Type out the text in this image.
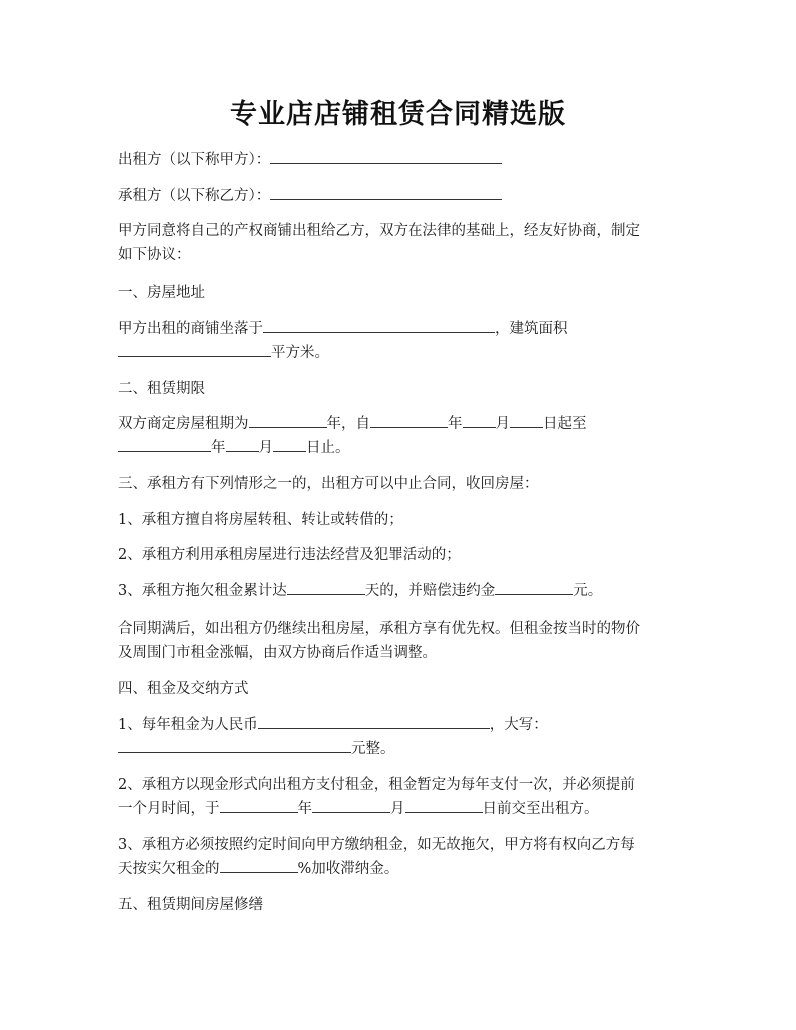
专业店店铺租赁合同精选版
出租方（以下称甲方）：
承租方（以下称乙方）：
甲方同意将自己的产权商铺出租给乙方，双方在法律的基础上，经友好协商，制定
如下协议：
一、房屋地址
甲方出租的商铺坐落于	，建筑面积
平方米。
二、租赁期限
双方商定房屋租期为	年，自	年 月 日起至
年 月 日止。
三、承租方有下列情形之一的，出租方可以中止合同，收回房屋：
1、承租方擅自将房屋转租、转让或转借的；
2、承租方利用承租房屋进行违法经营及犯罪活动的；
3、承租方拖欠租金累计达	天的，并赔偿违约金	元。
合同期满后，如出租方仍继续出租房屋，承租方享有优先权。但租金按当时的物价
及周围门市租金涨幅，由双方协商后作适当调整。
四、租金及交纳方式
1、每年租金为人民币	，大写：
元整。
2、承租方以现金形式向出租方支付租金，租金暂定为每年支付一次，并必须提前
一个月时间，于	年	月	日前交至出租方。
3、承租方必须按照约定时间向甲方缴纳租金，如无故拖欠，甲方将有权向乙方每
天按实欠租金的	%加收滞纳金。
五、租赁期间房屋修缮
